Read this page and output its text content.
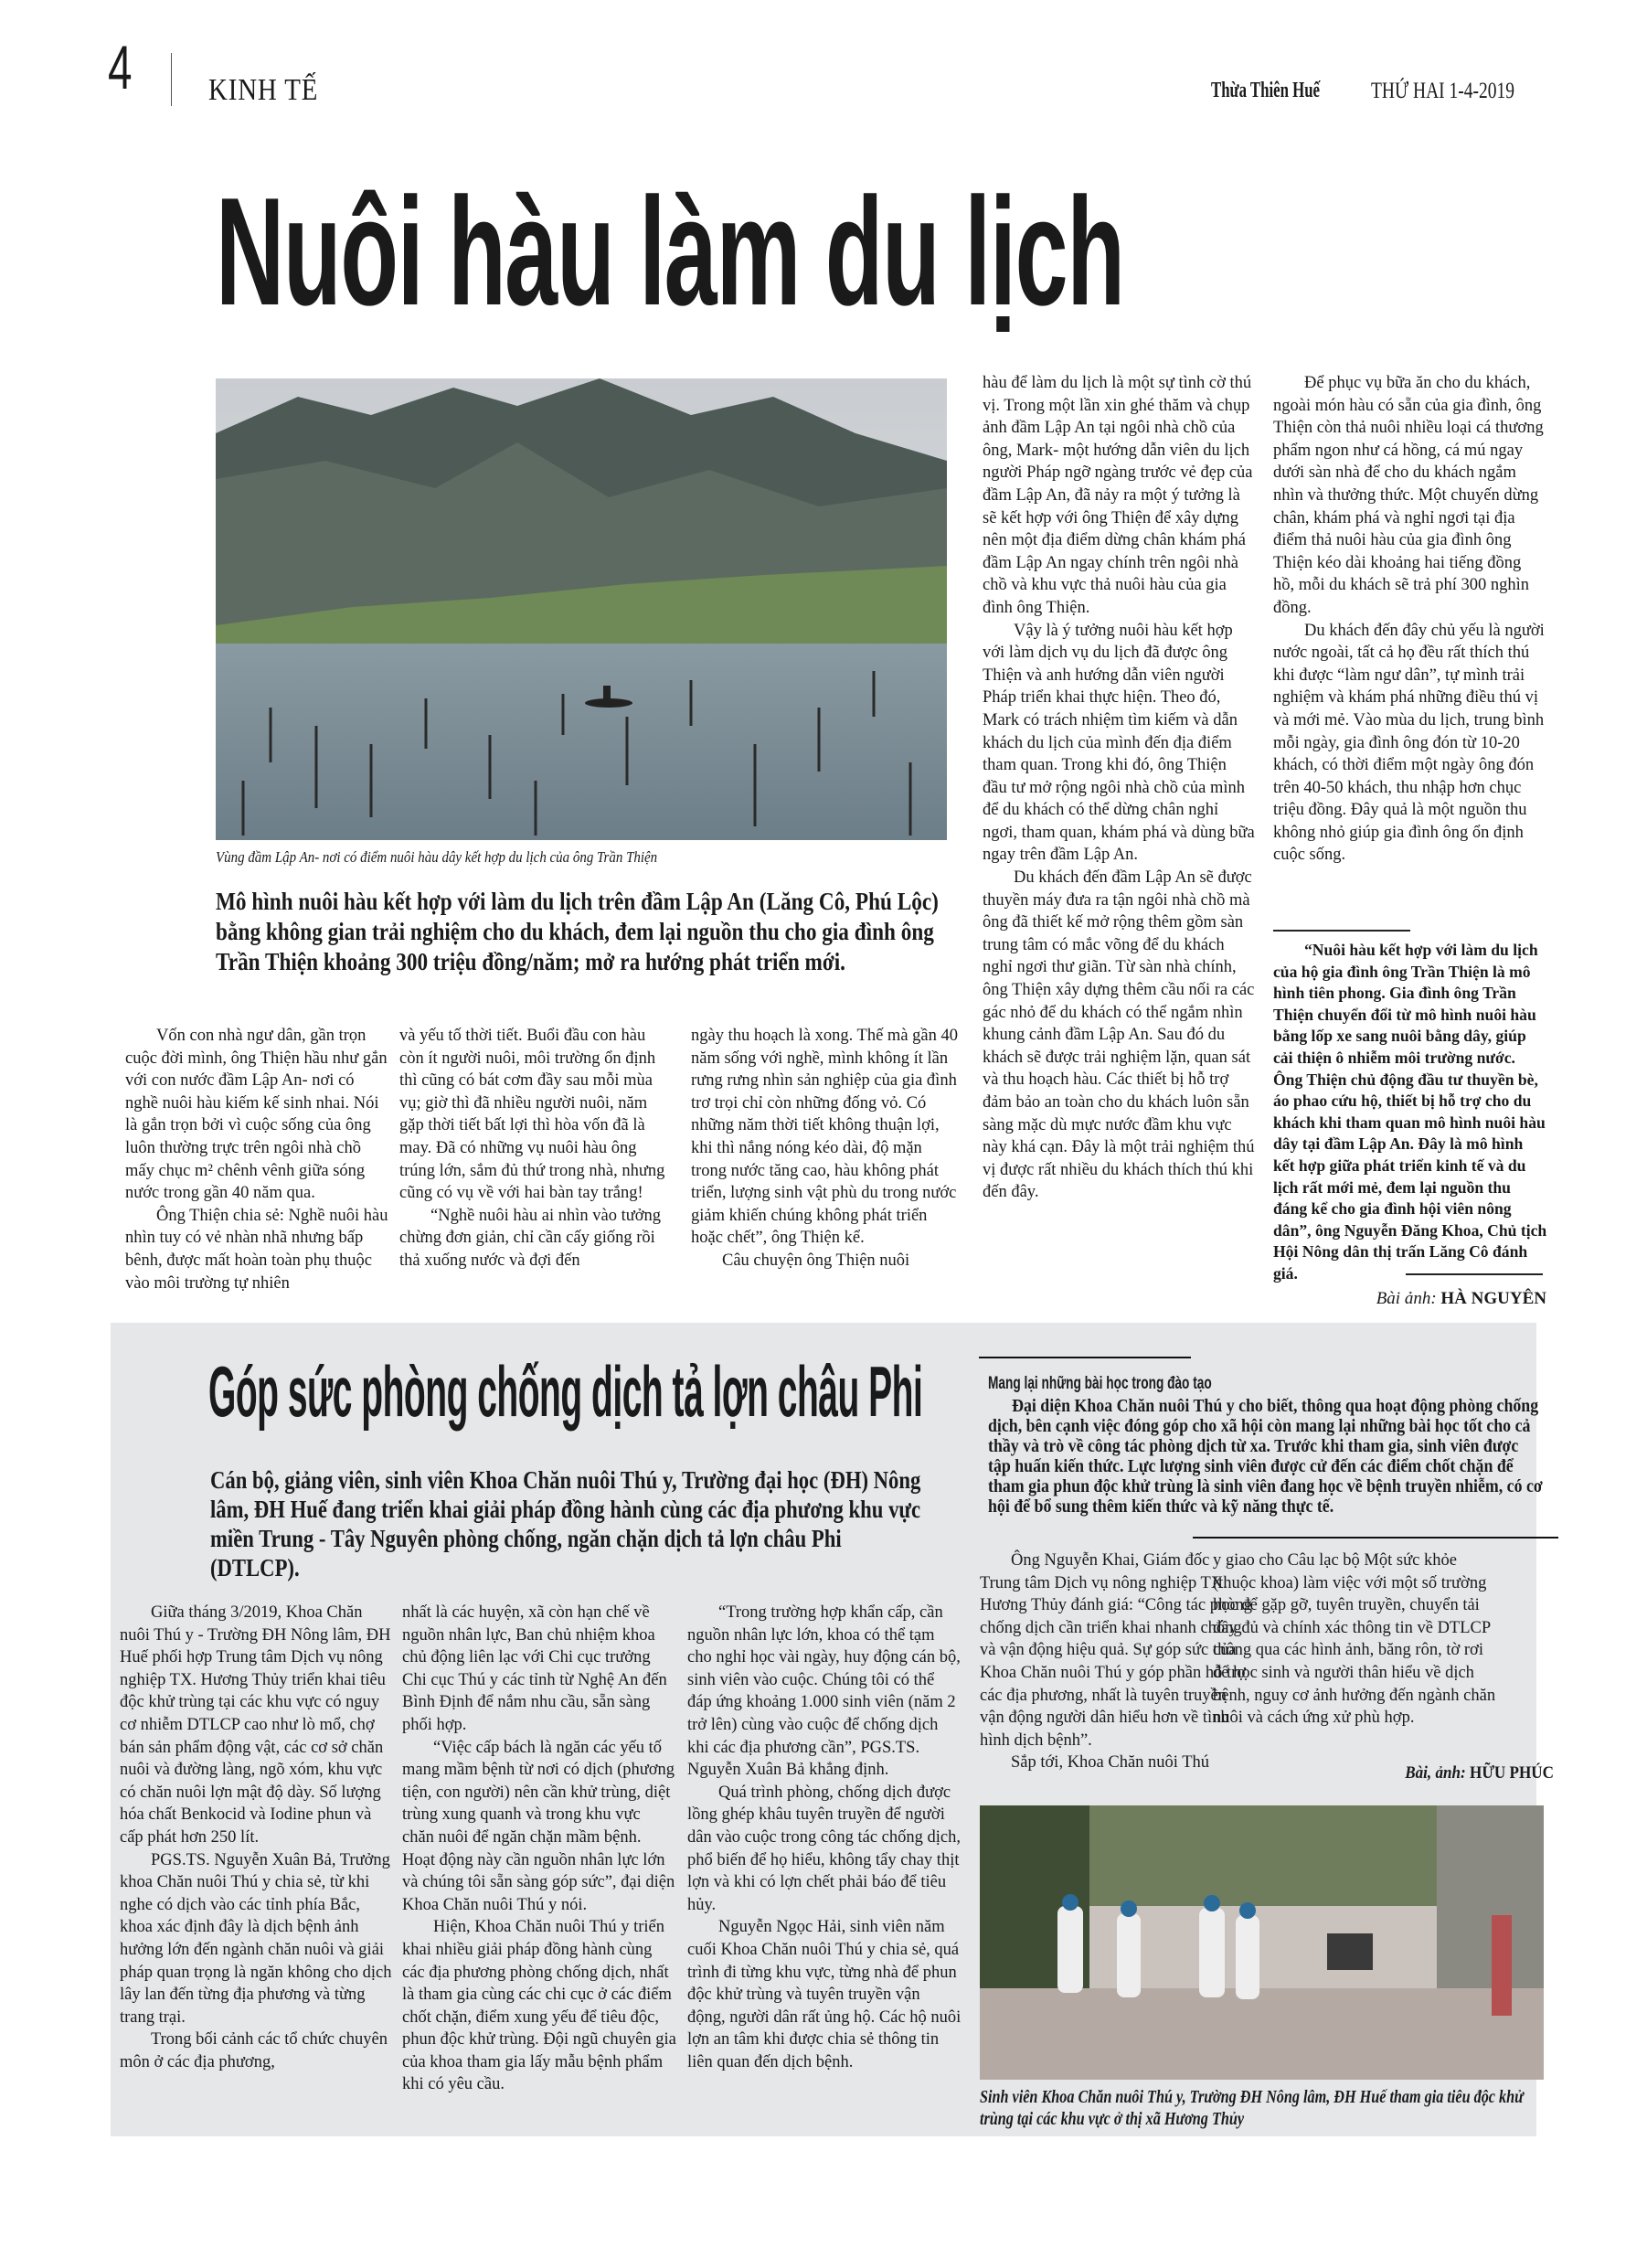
4 KINH TẾ	Thừa Thiên Huế THỨ HAI 1-4-2019
Nuôi hàu làm du lịch
Vùng đầm Lập An- nơi có điểm nuôi hàu dây kết hợp du lịch của ông Trần Thiện
Mô hình nuôi hàu kết hợp với làm du lịch trên đầm Lập An (Lăng Cô, Phú Lộc) bằng không gian trải nghiệm cho du khách, đem lại nguồn thu cho gia đình ông Trần Thiện khoảng 300 triệu đồng/năm; mở ra hướng phát triển mới.

Vốn con nhà ngư dân, gần trọn cuộc đời mình, ông Thiện hầu như gắn với con nước đầm Lập An- nơi có nghề nuôi hàu kiếm kế sinh nhai. Nói là gắn trọn bởi vì cuộc sống của ông luôn thường trực trên ngôi nhà chồ mấy chục m² chênh vênh giữa sóng nước trong gần 40 năm qua.

Ông Thiện chia sẻ: Nghề nuôi hàu nhìn tuy có vẻ nhàn nhã nhưng bấp bênh, được mất hoàn toàn phụ thuộc vào môi trường tự nhiên

và yếu tố thời tiết. Buổi đầu con hàu còn ít người nuôi, môi trường ổn định thì cũng có bát cơm đầy sau mỗi mùa vụ; giờ thì đã nhiều người nuôi, năm gặp thời tiết bất lợi thì hòa vốn đã là may. Đã có những vụ nuôi hàu ông trúng lớn, sắm đủ thứ trong nhà, nhưng cũng có vụ về với hai bàn tay trắng!

“Nghề nuôi hàu ai nhìn vào tưởng chừng đơn giản, chỉ cần cấy giống rồi thả xuống nước và đợi đến

ngày thu hoạch là xong. Thế mà gần 40 năm sống với nghề, mình không ít lần rưng rưng nhìn sản nghiệp của gia đình trơ trọi chỉ còn những đống vỏ. Có những năm thời tiết không thuận lợi, khi thì nắng nóng kéo dài, độ mặn trong nước tăng cao, hàu không phát triển, lượng sinh vật phù du trong nước giảm khiến chúng không phát triển hoặc chết”, ông Thiện kể.

Câu chuyện ông Thiện nuôi

hàu để làm du lịch là một sự tình cờ thú vị. Trong một lần xin ghé thăm và chụp ảnh đầm Lập An tại ngôi nhà chồ của ông, Mark- một hướng dẫn viên du lịch người Pháp ngỡ ngàng trước vẻ đẹp của đầm Lập An, đã nảy ra một ý tưởng là sẽ kết hợp với ông Thiện để xây dựng nên một địa điểm dừng chân khám phá đầm Lập An ngay chính trên ngôi nhà chồ và khu vực thả nuôi hàu của gia đình ông Thiện.

Vậy là ý tưởng nuôi hàu kết hợp với làm dịch vụ du lịch đã được ông Thiện và anh hướng dẫn viên người Pháp triển khai thực hiện. Theo đó, Mark có trách nhiệm tìm kiếm và dẫn khách du lịch của mình đến địa điểm tham quan. Trong khi đó, ông Thiện đầu tư mở rộng ngôi nhà chồ của mình để du khách có thể dừng chân nghỉ ngơi, tham quan, khám phá và dùng bữa ngay trên đầm Lập An.

Du khách đến đầm Lập An sẽ được thuyền máy đưa ra tận ngôi nhà chồ mà ông đã thiết kế mở rộng thêm gồm sàn trung tâm có mắc võng để du khách nghỉ ngơi thư giãn. Từ sàn nhà chính, ông Thiện xây dựng thêm cầu nối ra các gác nhỏ để du khách có thể ngắm nhìn khung cảnh đầm Lập An. Sau đó du khách sẽ được trải nghiệm lặn, quan sát và thu hoạch hàu. Các thiết bị hỗ trợ đảm bảo an toàn cho du khách luôn sẵn sàng mặc dù mực nước đầm khu vực này khá cạn. Đây là một trải nghiệm thú vị được rất nhiều du khách thích thú khi đến đây.

Để phục vụ bữa ăn cho du khách, ngoài món hàu có sẵn của gia đình, ông Thiện còn thả nuôi nhiều loại cá thương phẩm ngon như cá hồng, cá mú ngay dưới sàn nhà để cho du khách ngắm nhìn và thưởng thức. Một chuyến dừng chân, khám phá và nghỉ ngơi tại địa điểm thả nuôi hàu của gia đình ông Thiện kéo dài khoảng hai tiếng đồng hồ, mỗi du khách sẽ trả phí 300 nghìn đồng.

Du khách đến đây chủ yếu là người nước ngoài, tất cả họ đều rất thích thú khi được “làm ngư dân”, tự mình trải nghiệm và khám phá những điều thú vị và mới mẻ. Vào mùa du lịch, trung bình mỗi ngày, gia đình ông đón từ 10-20 khách, có thời điểm một ngày ông đón trên 40-50 khách, thu nhập hơn chục triệu đồng. Đây quả là một nguồn thu không nhỏ giúp gia đình ông ổn định cuộc sống.

“Nuôi hàu kết hợp với làm du lịch của hộ gia đình ông Trần Thiện là mô hình tiên phong. Gia đình ông Trần Thiện chuyển đổi từ mô hình nuôi hàu bằng lốp xe sang nuôi bằng dây, giúp cải thiện ô nhiễm môi trường nước. Ông Thiện chủ động đầu tư thuyền bè, áo phao cứu hộ, thiết bị hỗ trợ cho du khách khi tham quan mô hình nuôi hàu dây tại đầm Lập An. Đây là mô hình kết hợp giữa phát triển kinh tế và du lịch rất mới mẻ, đem lại nguồn thu đáng kể cho gia đình hội viên nông dân”, ông Nguyễn Đăng Khoa, Chủ tịch Hội Nông dân thị trấn Lăng Cô đánh giá.

Bài ảnh: HÀ NGUYÊN
Góp sức phòng chống dịch tả lợn châu Phi
Cán bộ, giảng viên, sinh viên Khoa Chăn nuôi Thú y, Trường đại học (ĐH) Nông lâm, ĐH Huế đang triển khai giải pháp đồng hành cùng các địa phương khu vực miền Trung - Tây Nguyên phòng chống, ngăn chặn dịch tả lợn châu Phi (DTLCP).

Giữa tháng 3/2019, Khoa Chăn nuôi Thú y - Trường ĐH Nông lâm, ĐH Huế phối hợp Trung tâm Dịch vụ nông nghiệp TX. Hương Thủy triển khai tiêu độc khử trùng tại các khu vực có nguy cơ nhiễm DTLCP cao như lò mổ, chợ bán sản phẩm động vật, các cơ sở chăn nuôi và đường làng, ngõ xóm, khu vực có chăn nuôi lợn mật độ dày. Số lượng hóa chất Benkocid và Iodine phun và cấp phát hơn 250 lít.

PGS.TS. Nguyễn Xuân Bả, Trưởng khoa Chăn nuôi Thú y chia sẻ, từ khi nghe có dịch vào các tỉnh phía Bắc, khoa xác định đây là dịch bệnh ảnh hưởng lớn đến ngành chăn nuôi và giải pháp quan trọng là ngăn không cho dịch lây lan đến từng địa phương và từng trang trại.

Trong bối cảnh các tổ chức chuyên môn ở các địa phương,

nhất là các huyện, xã còn hạn chế về nguồn nhân lực, Ban chủ nhiệm khoa chủ động liên lạc với Chi cục trưởng Chi cục Thú y các tỉnh từ Nghệ An đến Bình Định để nắm nhu cầu, sẵn sàng phối hợp.

“Việc cấp bách là ngăn các yếu tố mang mầm bệnh từ nơi có dịch (phương tiện, con người) nên cần khử trùng, diệt trùng xung quanh và trong khu vực chăn nuôi để ngăn chặn mầm bệnh. Hoạt động này cần nguồn nhân lực lớn và chúng tôi sẵn sàng góp sức”, đại diện Khoa Chăn nuôi Thú y nói.

Hiện, Khoa Chăn nuôi Thú y triển khai nhiều giải pháp đồng hành cùng các địa phương phòng chống dịch, nhất là tham gia cùng các chi cục ở các điểm chốt chặn, điểm xung yếu để tiêu độc, phun độc khử trùng. Đội ngũ chuyên gia của khoa tham gia lấy mẫu bệnh phẩm khi có yêu cầu.

“Trong trường hợp khẩn cấp, cần nguồn nhân lực lớn, khoa có thể tạm cho nghỉ học vài ngày, huy động cán bộ, sinh viên vào cuộc. Chúng tôi có thể đáp ứng khoảng 1.000 sinh viên (năm 2 trở lên) cùng vào cuộc để chống dịch khi các địa phương cần”, PGS.TS. Nguyễn Xuân Bả khẳng định.

Quá trình phòng, chống dịch được lồng ghép khâu tuyên truyền để người dân vào cuộc trong công tác chống dịch, phổ biến để họ hiểu, không tẩy chay thịt lợn và khi có lợn chết phải báo để tiêu hủy.

Nguyễn Ngọc Hải, sinh viên năm cuối Khoa Chăn nuôi Thú y chia sẻ, quá trình đi từng khu vực, từng nhà để phun độc khử trùng và tuyên truyền vận động, người dân rất ủng hộ. Các hộ nuôi lợn an tâm khi được chia sẻ thông tin liên quan đến dịch bệnh.

Mang lại những bài học trong đào tạo

Đại diện Khoa Chăn nuôi Thú y cho biết, thông qua hoạt động phòng chống dịch, bên cạnh việc đóng góp cho xã hội còn mang lại những bài học tốt cho cả thầy và trò về công tác phòng dịch từ xa. Trước khi tham gia, sinh viên được tập huấn kiến thức. Lực lượng sinh viên được cử đến các điểm chốt chặn để tham gia phun độc khử trùng là sinh viên đang học về bệnh truyền nhiễm, có cơ hội để bổ sung thêm kiến thức và kỹ năng thực tế.

Ông Nguyễn Khai, Giám đốc Trung tâm Dịch vụ nông nghiệp TX. Hương Thủy đánh giá: “Công tác phòng chống dịch cần triển khai nhanh chóng và vận động hiệu quả. Sự góp sức của Khoa Chăn nuôi Thú y góp phần hỗ trợ các địa phương, nhất là tuyên truyền vận động người dân hiểu hơn về tình hình dịch bệnh”.

Sắp tới, Khoa Chăn nuôi Thú

y giao cho Câu lạc bộ Một sức khỏe (thuộc khoa) làm việc với một số trường học để gặp gỡ, tuyên truyền, chuyển tải đầy đủ và chính xác thông tin về DTLCP thông qua các hình ảnh, băng rôn, tờ rơi để học sinh và người thân hiểu về dịch bệnh, nguy cơ ảnh hưởng đến ngành chăn nuôi và cách ứng xử phù hợp.

Bài, ảnh: HỮU PHÚC
Sinh viên Khoa Chăn nuôi Thú y, Trường ĐH Nông lâm, ĐH Huế tham gia tiêu độc khử trùng tại các khu vực ở thị xã Hương Thủy
